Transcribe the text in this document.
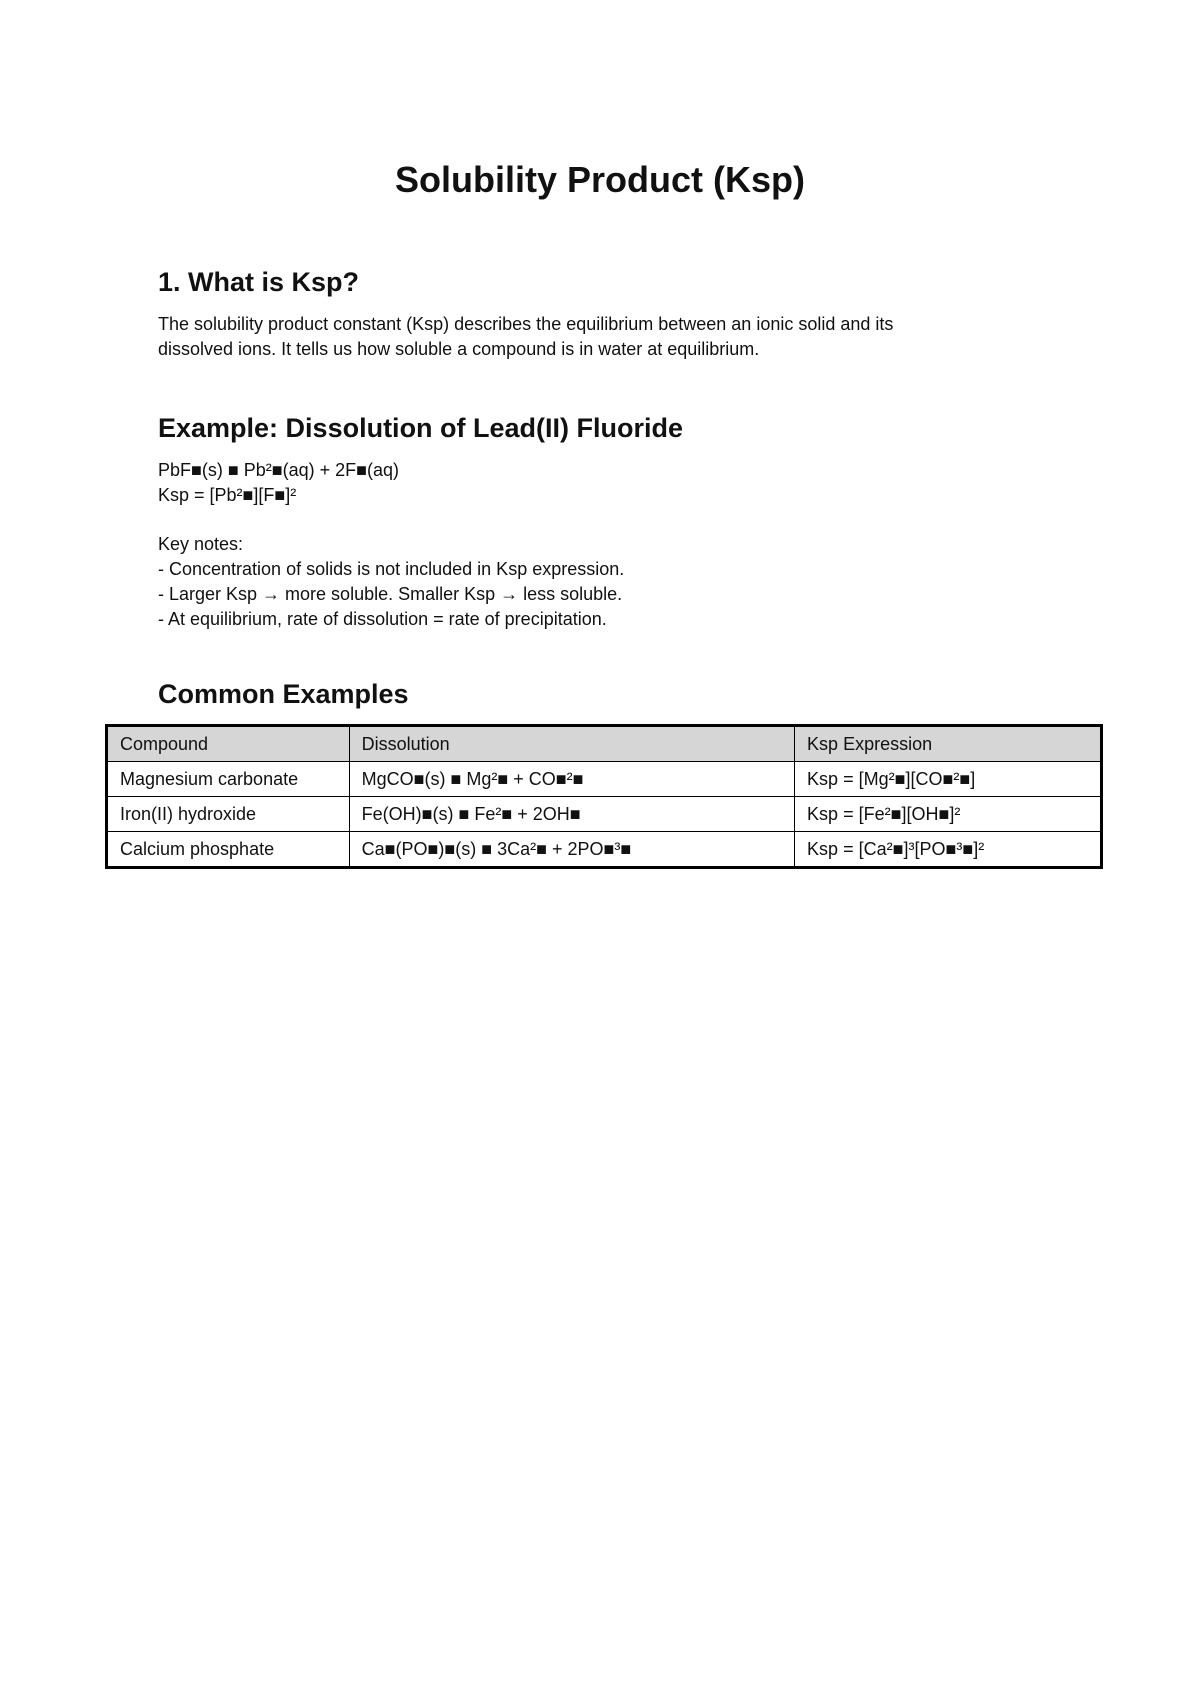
Solubility Product (Ksp)
1. What is Ksp?

The solubility product constant (Ksp) describes the equilibrium between an ionic solid and its
dissolved ions. It tells us how soluble a compound is in water at equilibrium.

Example: Dissolution of Lead(II) Fluoride

PbF■(s) ■ Pb²■(aq) + 2F■(aq)
Ksp = [Pb²■][F■]²

Key notes:
- Concentration of solids is not included in Ksp expression.
- Larger Ksp → more soluble. Smaller Ksp → less soluble.
- At equilibrium, rate of dissolution = rate of precipitation.

Common Examples
Compound	Dissolution	Ksp Expression
Magnesium carbonate	MgCO■(s) ■ Mg²■ + CO■²■	Ksp = [Mg²■][CO■²■]
Iron(II) hydroxide	Fe(OH)■(s) ■ Fe²■ + 2OH■	Ksp = [Fe²■][OH■]²
Calcium phosphate	Ca■(PO■)■(s) ■ 3Ca²■ + 2PO■³■	Ksp = [Ca²■]³[PO■³■]²
